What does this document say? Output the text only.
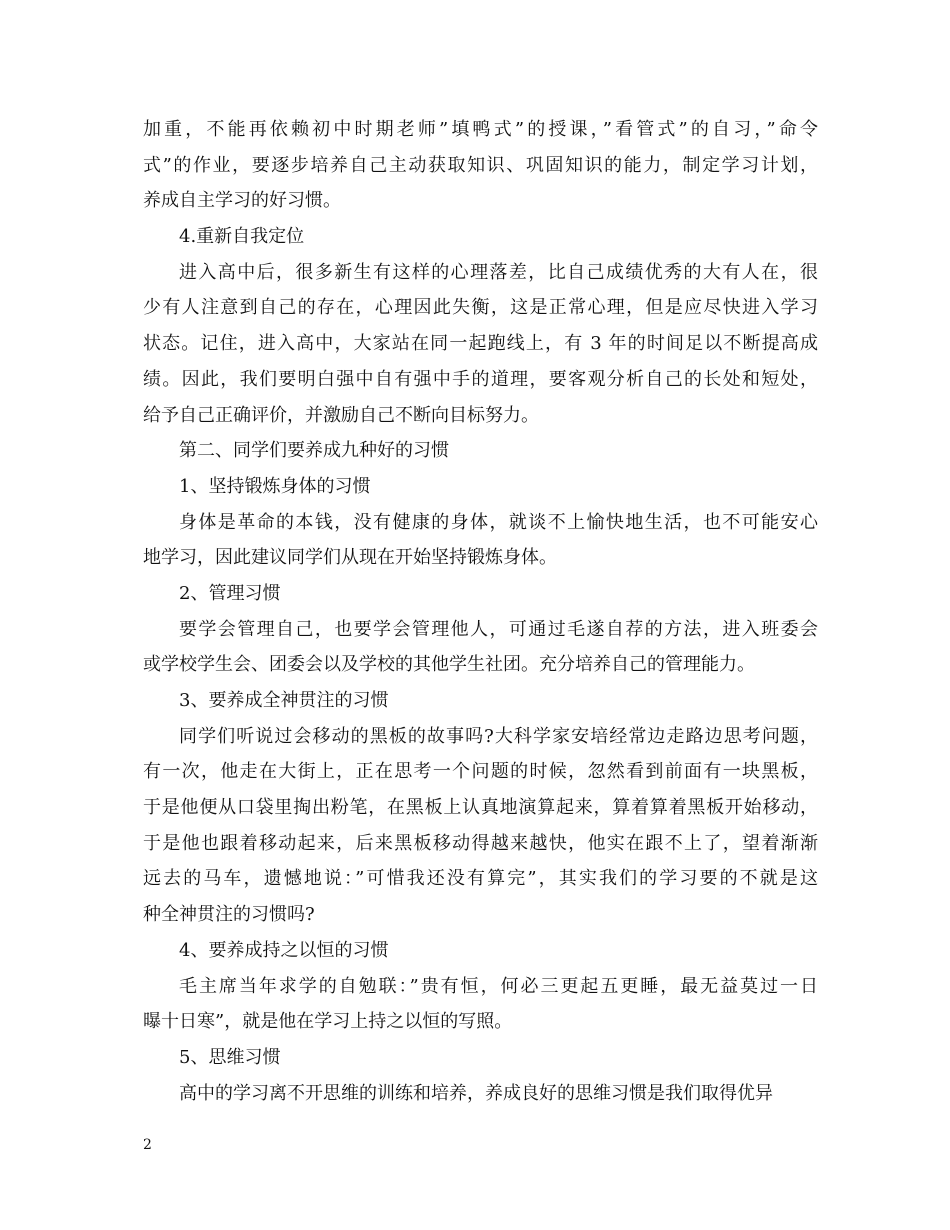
加重，不能再依赖初中时期老师”填鸭式”的授课，”看管式”的自习，”命令
式”的作业，要逐步培养自己主动获取知识、巩固知识的能力，制定学习计划，
养成自主学习的好习惯。
4.重新自我定位
进入高中后，很多新生有这样的心理落差，比自己成绩优秀的大有人在，很
少有人注意到自己的存在，心理因此失衡，这是正常心理，但是应尽快进入学习
状态。记住，进入高中，大家站在同一起跑线上，有 3 年的时间足以不断提高成
绩。因此，我们要明白强中自有强中手的道理，要客观分析自己的长处和短处，
给予自己正确评价，并激励自己不断向目标努力。
第二、同学们要养成九种好的习惯
1、坚持锻炼身体的习惯
身体是革命的本钱，没有健康的身体，就谈不上愉快地生活，也不可能安心
地学习，因此建议同学们从现在开始坚持锻炼身体。
2、管理习惯
要学会管理自己，也要学会管理他人，可通过毛遂自荐的方法，进入班委会
或学校学生会、团委会以及学校的其他学生社团。充分培养自己的管理能力。
3、要养成全神贯注的习惯
同学们听说过会移动的黑板的故事吗?大科学家安培经常边走路边思考问题，
有一次，他走在大街上，正在思考一个问题的时候，忽然看到前面有一块黑板，
于是他便从口袋里掏出粉笔，在黑板上认真地演算起来，算着算着黑板开始移动，
于是他也跟着移动起来，后来黑板移动得越来越快，他实在跟不上了，望着渐渐
远去的马车，遗憾地说：”可惜我还没有算完”，其实我们的学习要的不就是这
种全神贯注的习惯吗?
4、要养成持之以恒的习惯
毛主席当年求学的自勉联：”贵有恒，何必三更起五更睡，最无益莫过一日
曝十日寒”，就是他在学习上持之以恒的写照。
5、思维习惯
高中的学习离不开思维的训练和培养，养成良好的思维习惯是我们取得优异
2
